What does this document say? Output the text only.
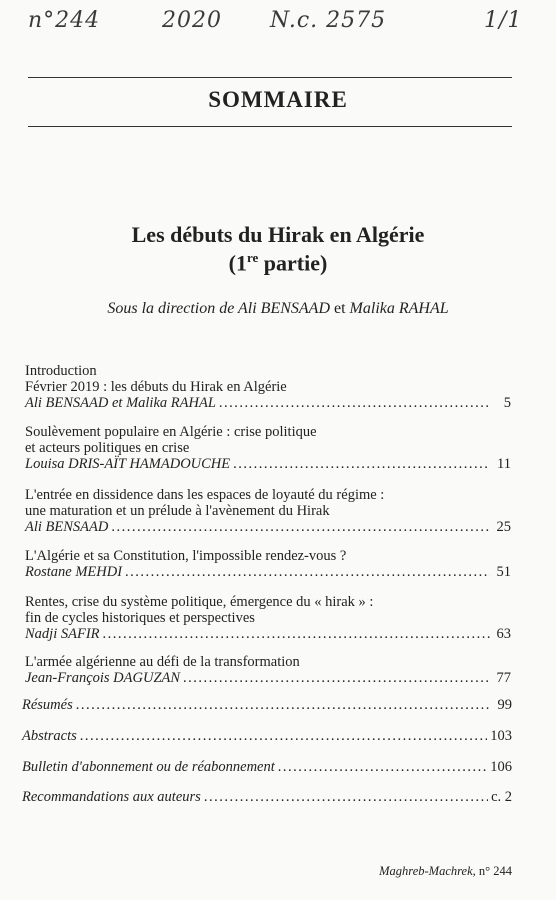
n°244	2020 N.c. 2575	1/1
SOMMAIRE
Les débuts du Hirak en Algérie
(1re partie)
Sous la direction de Ali BENSAAD et Malika RAHAL
Introduction
Février 2019 : les débuts du Hirak en Algérie
Ali BENSAAD et Malika RAHAL .....	5
Soulèvement populaire en Algérie : crise politique
et acteurs politiques en crise
Louisa DRIS-AÏT HAMADOUCHE .....	11
L'entrée en dissidence dans les espaces de loyauté du régime :
une maturation et un prélude à l'avènement du Hirak
Ali BENSAAD .....	25
L'Algérie et sa Constitution, l'impossible rendez-vous ?
Rostane MEHDI .....	51
Rentes, crise du système politique, émergence du « hirak » :
fin de cycles historiques et perspectives
Nadji SAFIR .....	63
L'armée algérienne au défi de la transformation
Jean-François DAGUZAN .....	77
Résumés .....	99
Abstracts .....	103
Bulletin d'abonnement ou de réabonnement .....	106
Recommandations aux auteurs .....	c. 2
Maghreb-Machrek, n° 244
